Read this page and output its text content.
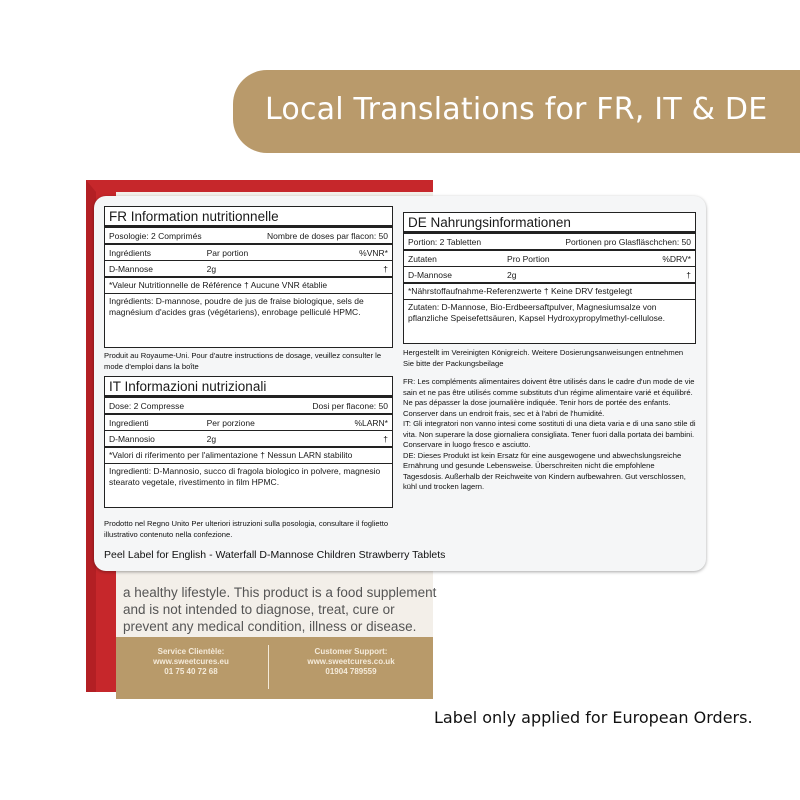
Local Translations for FR, IT & DE
a healthy lifestyle. This product is a food supplement and is not intended to diagnose, treat, cure or prevent any medical condition, illness or disease.
Service Clientèle:
www.sweetcures.eu
01 75 40 72 68
Customer Support:
www.sweetcures.co.uk
01904 789559
FR Information nutritionnelle
Posologie: 2 Comprimés	Nombre de doses par flacon: 50
Ingrédients	Par portion	%VNR*
D-Mannose	2g	†
*Valeur Nutritionnelle de Référence † Aucune VNR établie
Ingrédients: D-mannose, poudre de jus de fraise biologique, sels de magnésium d'acides gras (végétariens), enrobage pelliculé HPMC.
Produit au Royaume-Uni. Pour d'autre instructions de dosage, veuillez consulter le mode d'emploi dans la boîte
IT Informazioni nutrizionali
Dose: 2 Compresse	Dosi per flacone: 50
Ingredienti	Per porzione	%LARN*
D-Mannosio	2g	†
*Valori di riferimento per l'alimentazione † Nessun LARN stabilito
Ingredienti: D-Mannosio, succo di fragola biologico in polvere, magnesio stearato vegetale, rivestimento in film HPMC.
Prodotto nel Regno Unito Per ulteriori istruzioni sulla posologia, consultare il foglietto illustrativo contenuto nella confezione.
DE Nahrungsinformationen
Portion: 2 Tabletten	Portionen pro Glasfläschchen: 50
Zutaten	Pro Portion	%DRV*
D-Mannose	2g	†
*Nährstoffaufnahme-Referenzwerte † Keine DRV festgelegt
Zutaten: D-Mannose, Bio-Erdbeersaftpulver, Magnesiumsalze von pflanzliche Speisefettsäuren, Kapsel Hydroxypropylmethyl-cellulose.
Hergestellt im Vereinigten Königreich. Weitere Dosierungsanweisungen entnehmen Sie bitte der Packungsbeilage
FR: Les compléments alimentaires doivent être utilisés dans le cadre d'un mode de vie sain et ne pas être utilisés comme substituts d'un régime alimentaire varié et équilibré. Ne pas dépasser la dose journalière indiquée. Tenir hors de portée des enfants. Conserver dans un endroit frais, sec et à l'abri de l'humidité.
IT: Gli integratori non vanno intesi come sostituti di una dieta varia e di una sano stile di vita. Non superare la dose giornaliera consigliata. Tener fuori dalla portata dei bambini. Conservare in luogo fresco e asciutto.
DE: Dieses Produkt ist kein Ersatz für eine ausgewogene und abwechslungsreiche Ernährung und gesunde Lebensweise. Überschreiten nicht die empfohlene Tagesdosis. Außerhalb der Reichweite von Kindern aufbewahren. Gut verschlossen, kühl und trocken lagern.
Peel Label for English - Waterfall D-Mannose Children Strawberry Tablets
Label only applied for European Orders.
